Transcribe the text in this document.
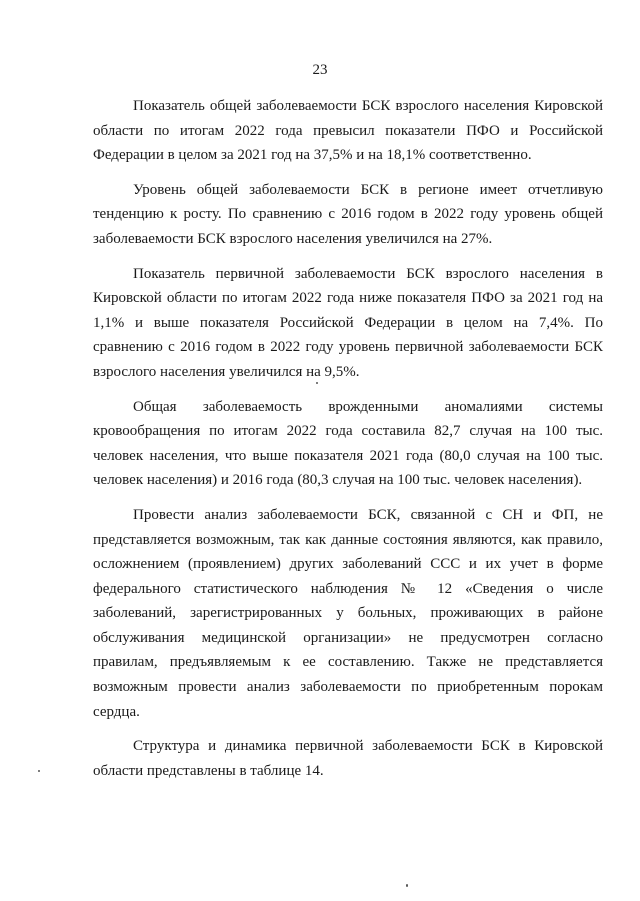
23

Показатель общей заболеваемости БСК взрослого населения Кировской области по итогам 2022 года превысил показатели ПФО и Российской Федерации в целом за 2021 год на 37,5% и на 18,1% соответственно.

Уровень общей заболеваемости БСК в регионе имеет отчетливую тенденцию к росту. По сравнению с 2016 годом в 2022 году уровень общей заболеваемости БСК взрослого населения увеличился на 27%.

Показатель первичной заболеваемости БСК взрослого населения в Кировской области по итогам 2022 года ниже показателя ПФО за 2021 год на 1,1% и выше показателя Российской Федерации в целом на 7,4%. По сравнению с 2016 годом в 2022 году уровень первичной заболеваемости БСК взрослого населения увеличился на 9,5%.

Общая заболеваемость врожденными аномалиями системы кровообращения по итогам 2022 года составила 82,7 случая на 100 тыс. человек населения, что выше показателя 2021 года (80,0 случая на 100 тыс. человек населения) и 2016 года (80,3 случая на 100 тыс. человек населения).

Провести анализ заболеваемости БСК, связанной с СН и ФП, не представляется возможным, так как данные состояния являются, как правило, осложнением (проявлением) других заболеваний ССС и их учет в форме федерального статистического наблюдения № 12 «Сведения о числе заболеваний, зарегистрированных у больных, проживающих в районе обслуживания медицинской организации» не предусмотрен согласно правилам, предъявляемым к ее составлению. Также не представляется возможным провести анализ заболеваемости по приобретенным порокам сердца.

Структура и динамика первичной заболеваемости БСК в Кировской области представлены в таблице 14.
